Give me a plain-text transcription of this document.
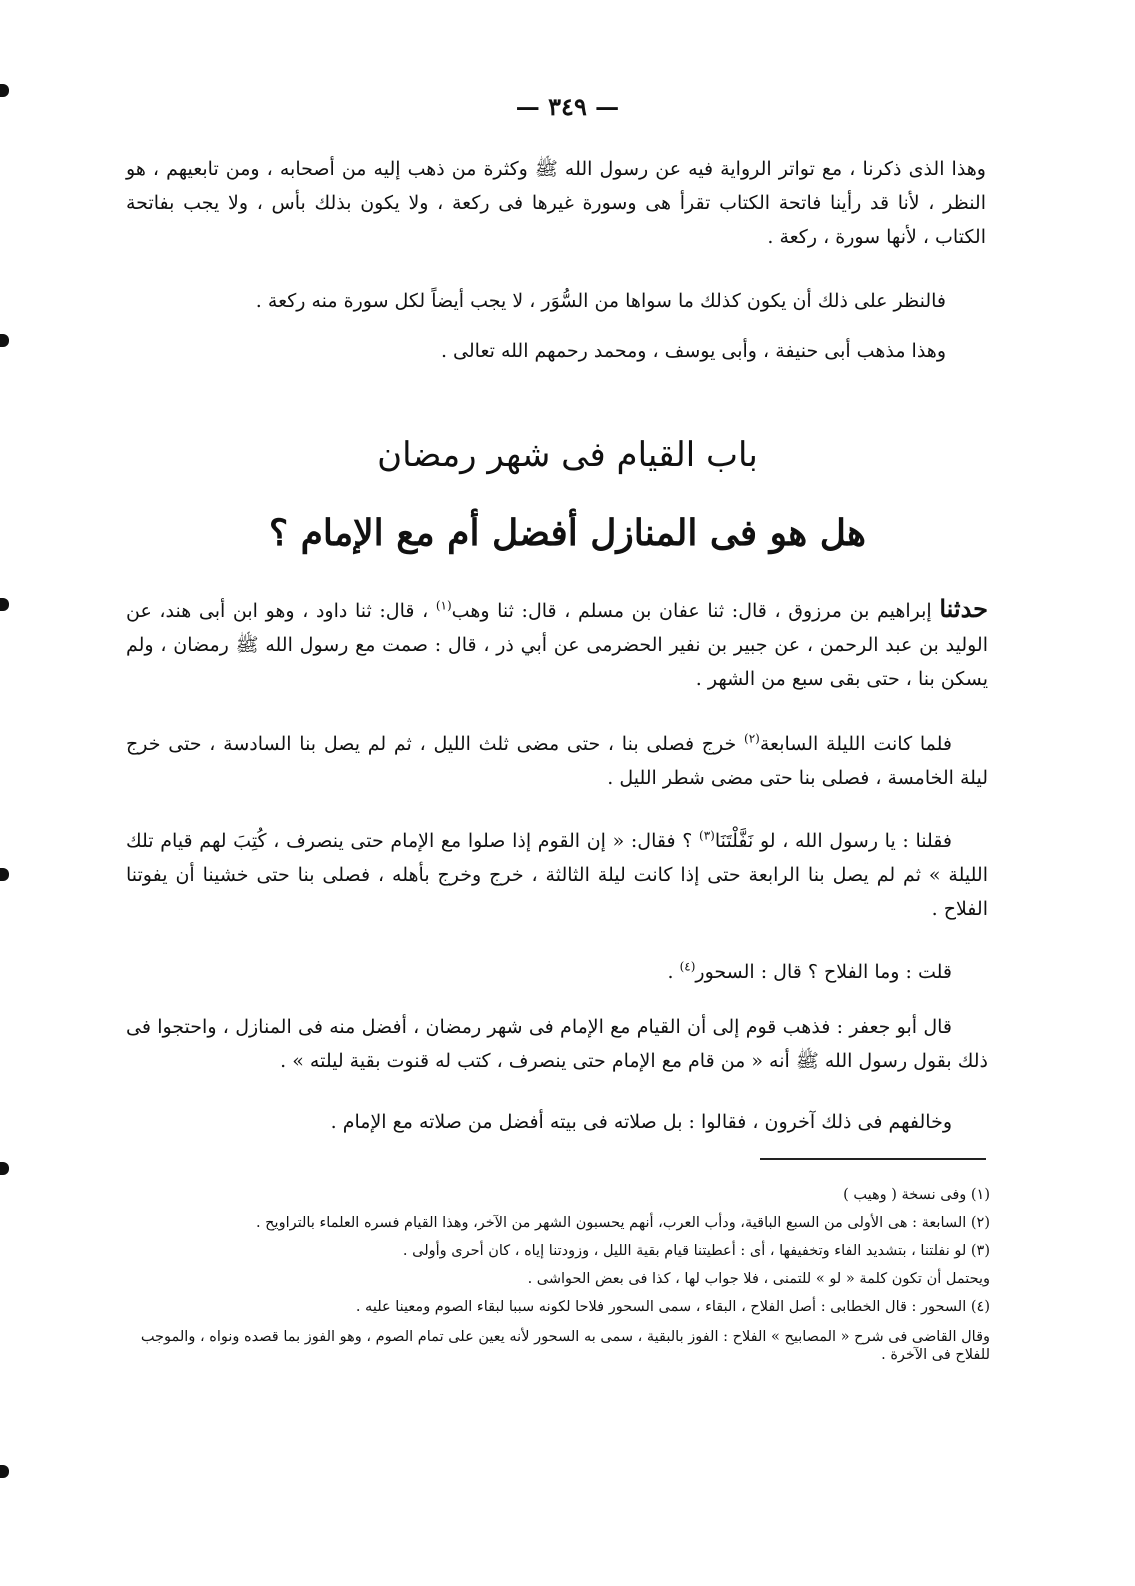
— ٣٤٩ —

وهذا الذى ذكرنا ، مع تواتر الرواية فيه عن رسول الله ﷺ وكثرة من ذهب إليه من أصحابه ، ومن تابعيهم ، هو النظر ، لأنا قد رأينا فاتحة الكتاب تقرأ هى وسورة غيرها فى ركعة ، ولا يكون بذلك بأس ، ولا يجب بفاتحة الكتاب ، لأنها سورة ، ركعة .

فالنظر على ذلك أن يكون كذلك ما سواها من السُّوَر ، لا يجب أيضاً لكل سورة منه ركعة .

وهذا مذهب أبى حنيفة ، وأبى يوسف ، ومحمد رحمهم الله تعالى .

باب القيام فى شهر رمضان
هل هو فى المنازل أفضل أم مع الإمام ؟

حدثنا إبراهيم بن مرزوق ، قال: ثنا عفان بن مسلم ، قال: ثنا وهب$^{(١)}$ ، قال: ثنا داود ، وهو ابن أبى هند، عن الوليد بن عبد الرحمن ، عن جبير بن نفير الحضرمى عن أبي ذر ، قال : صمت مع رسول الله ﷺ رمضان ، ولم يسكن بنا ، حتى بقى سبع من الشهر .

فلما كانت الليلة السابعة$^{(٢)}$ خرج فصلى بنا ، حتى مضى ثلث الليل ، ثم لم يصل بنا السادسة ، حتى خرج ليلة الخامسة ، فصلى بنا حتى مضى شطر الليل .

فقلنا : يا رسول الله ، لو نَفَّلْتَنَا$^{(٣)}$ ؟ فقال: « إن القوم إذا صلوا مع الإمام حتى ينصرف ، كُتِبَ لهم قيام تلك الليلة » ثم لم يصل بنا الرابعة حتى إذا كانت ليلة الثالثة ، خرج وخرج بأهله ، فصلى بنا حتى خشينا أن يفوتنا الفلاح .

قلت : وما الفلاح ؟ قال : السحور$^{(٤)}$ .

قال أبو جعفر : فذهب قوم إلى أن القيام مع الإمام فى شهر رمضان ، أفضل منه فى المنازل ، واحتجوا فى ذلك بقول رسول الله ﷺ أنه « من قام مع الإمام حتى ينصرف ، كتب له قنوت بقية ليلته » .

وخالفهم فى ذلك آخرون ، فقالوا : بل صلاته فى بيته أفضل من صلاته مع الإمام .

(١) وفى نسخة ( وهيب )

(٢) السابعة : هى الأولى من السبع الباقية، ودأب العرب، أنهم يحسبون الشهر من الآخر، وهذا القيام فسره العلماء بالتراويح .

(٣) لو نفلتنا ، بتشديد الفاء وتخفيفها ، أى : أعطيتنا قيام بقية الليل ، وزودتنا إياه ، كان أحرى وأولى .

ويحتمل أن تكون كلمة « لو » للتمنى ، فلا جواب لها ، كذا فى بعض الحواشى .

(٤) السحور : قال الخطابى : أصل الفلاح ، البقاء ، سمى السحور فلاحا لكونه سببا لبقاء الصوم ومعينا عليه .

وقال القاضى فى شرح « المصابيح » الفلاح : الفوز بالبقية ، سمى به السحور لأنه يعين على تمام الصوم ، وهو الفوز بما قصده ونواه ، والموجب للفلاح فى الآخرة .
